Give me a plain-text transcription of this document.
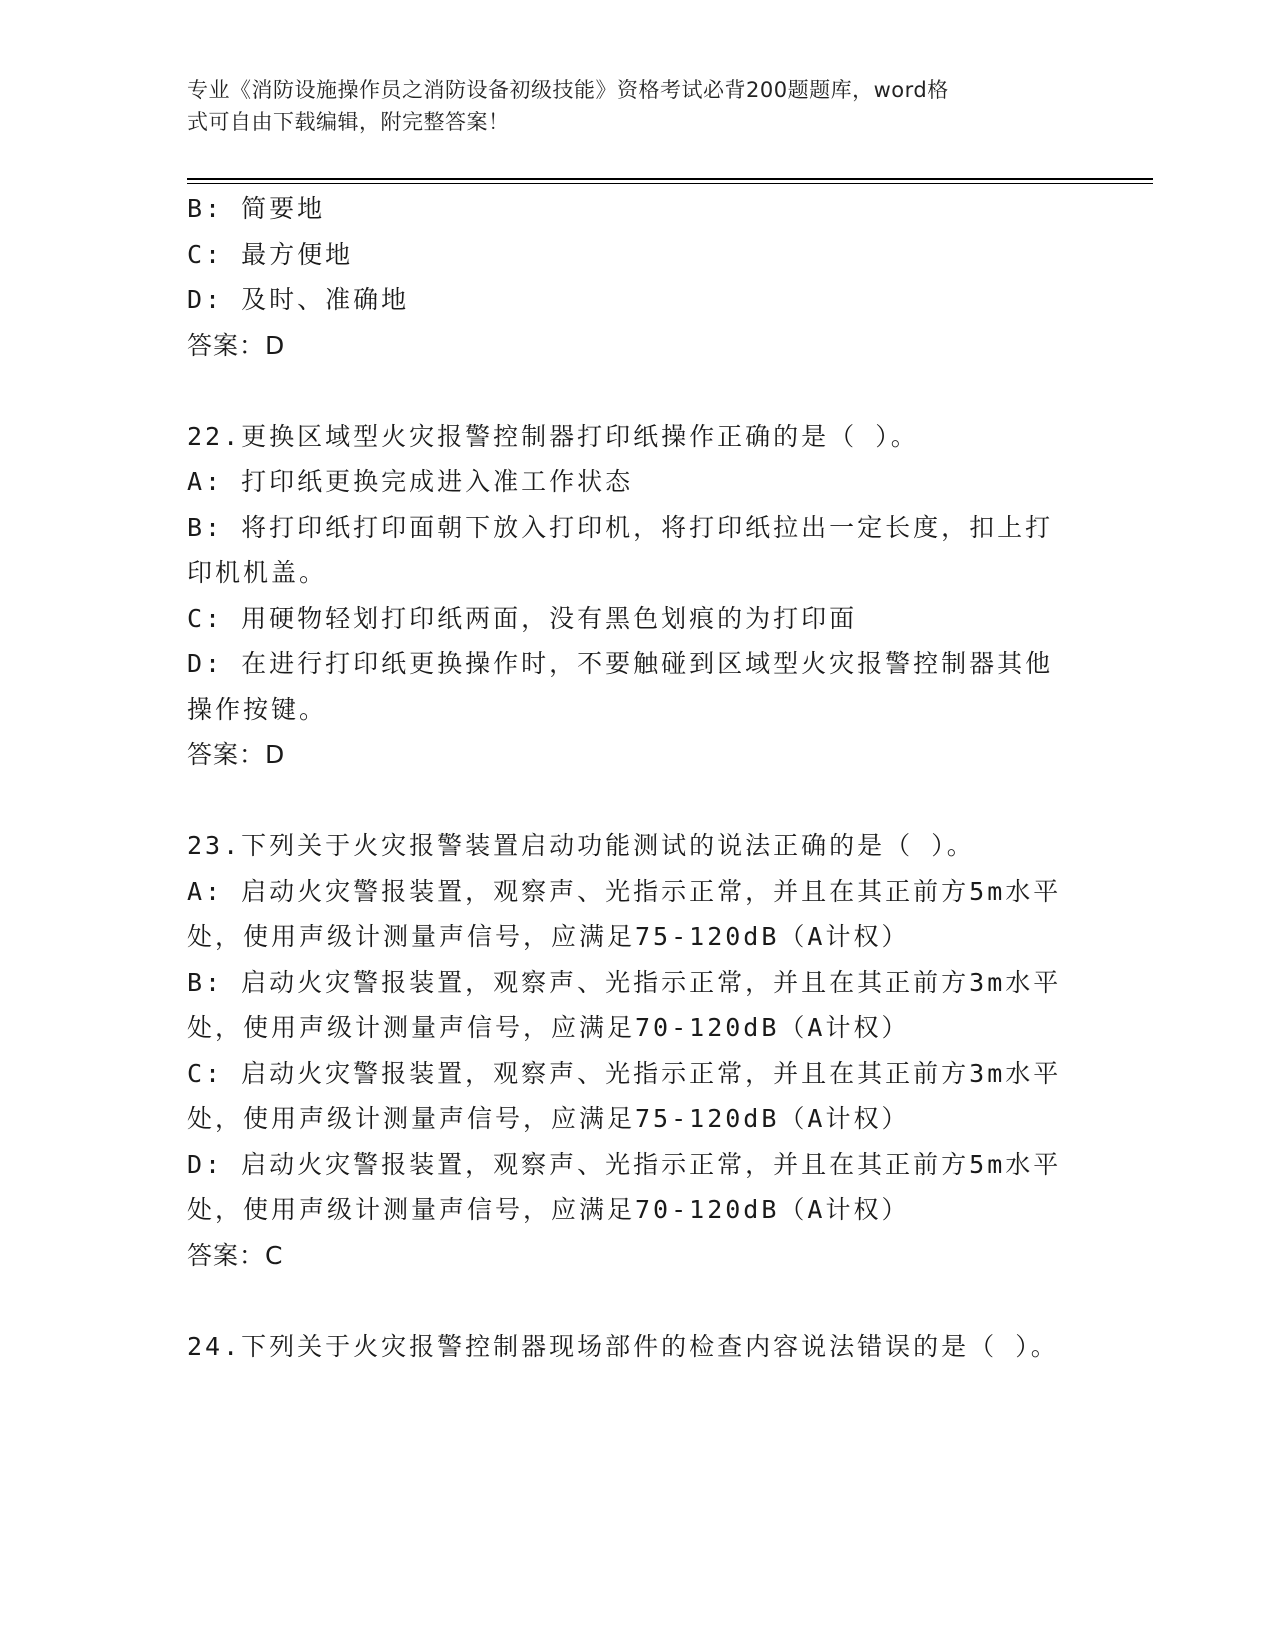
专业《消防设施操作员之消防设备初级技能》资格考试必背200题题库，word格
式可自由下载编辑，附完整答案！
B: 简要地
C: 最方便地
D: 及时、准确地
答案：D
22.更换区域型火灾报警控制器打印纸操作正确的是（ ）。
A: 打印纸更换完成进入准工作状态
B: 将打印纸打印面朝下放入打印机，将打印纸拉出一定长度，扣上打印机机盖。
C: 用硬物轻划打印纸两面，没有黑色划痕的为打印面
D: 在进行打印纸更换操作时，不要触碰到区域型火灾报警控制器其他操作按键。
答案：D
23.下列关于火灾报警装置启动功能测试的说法正确的是（ ）。
A: 启动火灾警报装置，观察声、光指示正常，并且在其正前方5m水平处，使用声级计测量声信号，应满足75-120dB（A计权）
B: 启动火灾警报装置，观察声、光指示正常，并且在其正前方3m水平处，使用声级计测量声信号，应满足70-120dB（A计权）
C: 启动火灾警报装置，观察声、光指示正常，并且在其正前方3m水平处，使用声级计测量声信号，应满足75-120dB（A计权）
D: 启动火灾警报装置，观察声、光指示正常，并且在其正前方5m水平处，使用声级计测量声信号，应满足70-120dB（A计权）
答案：C
24.下列关于火灾报警控制器现场部件的检查内容说法错误的是（ ）。
